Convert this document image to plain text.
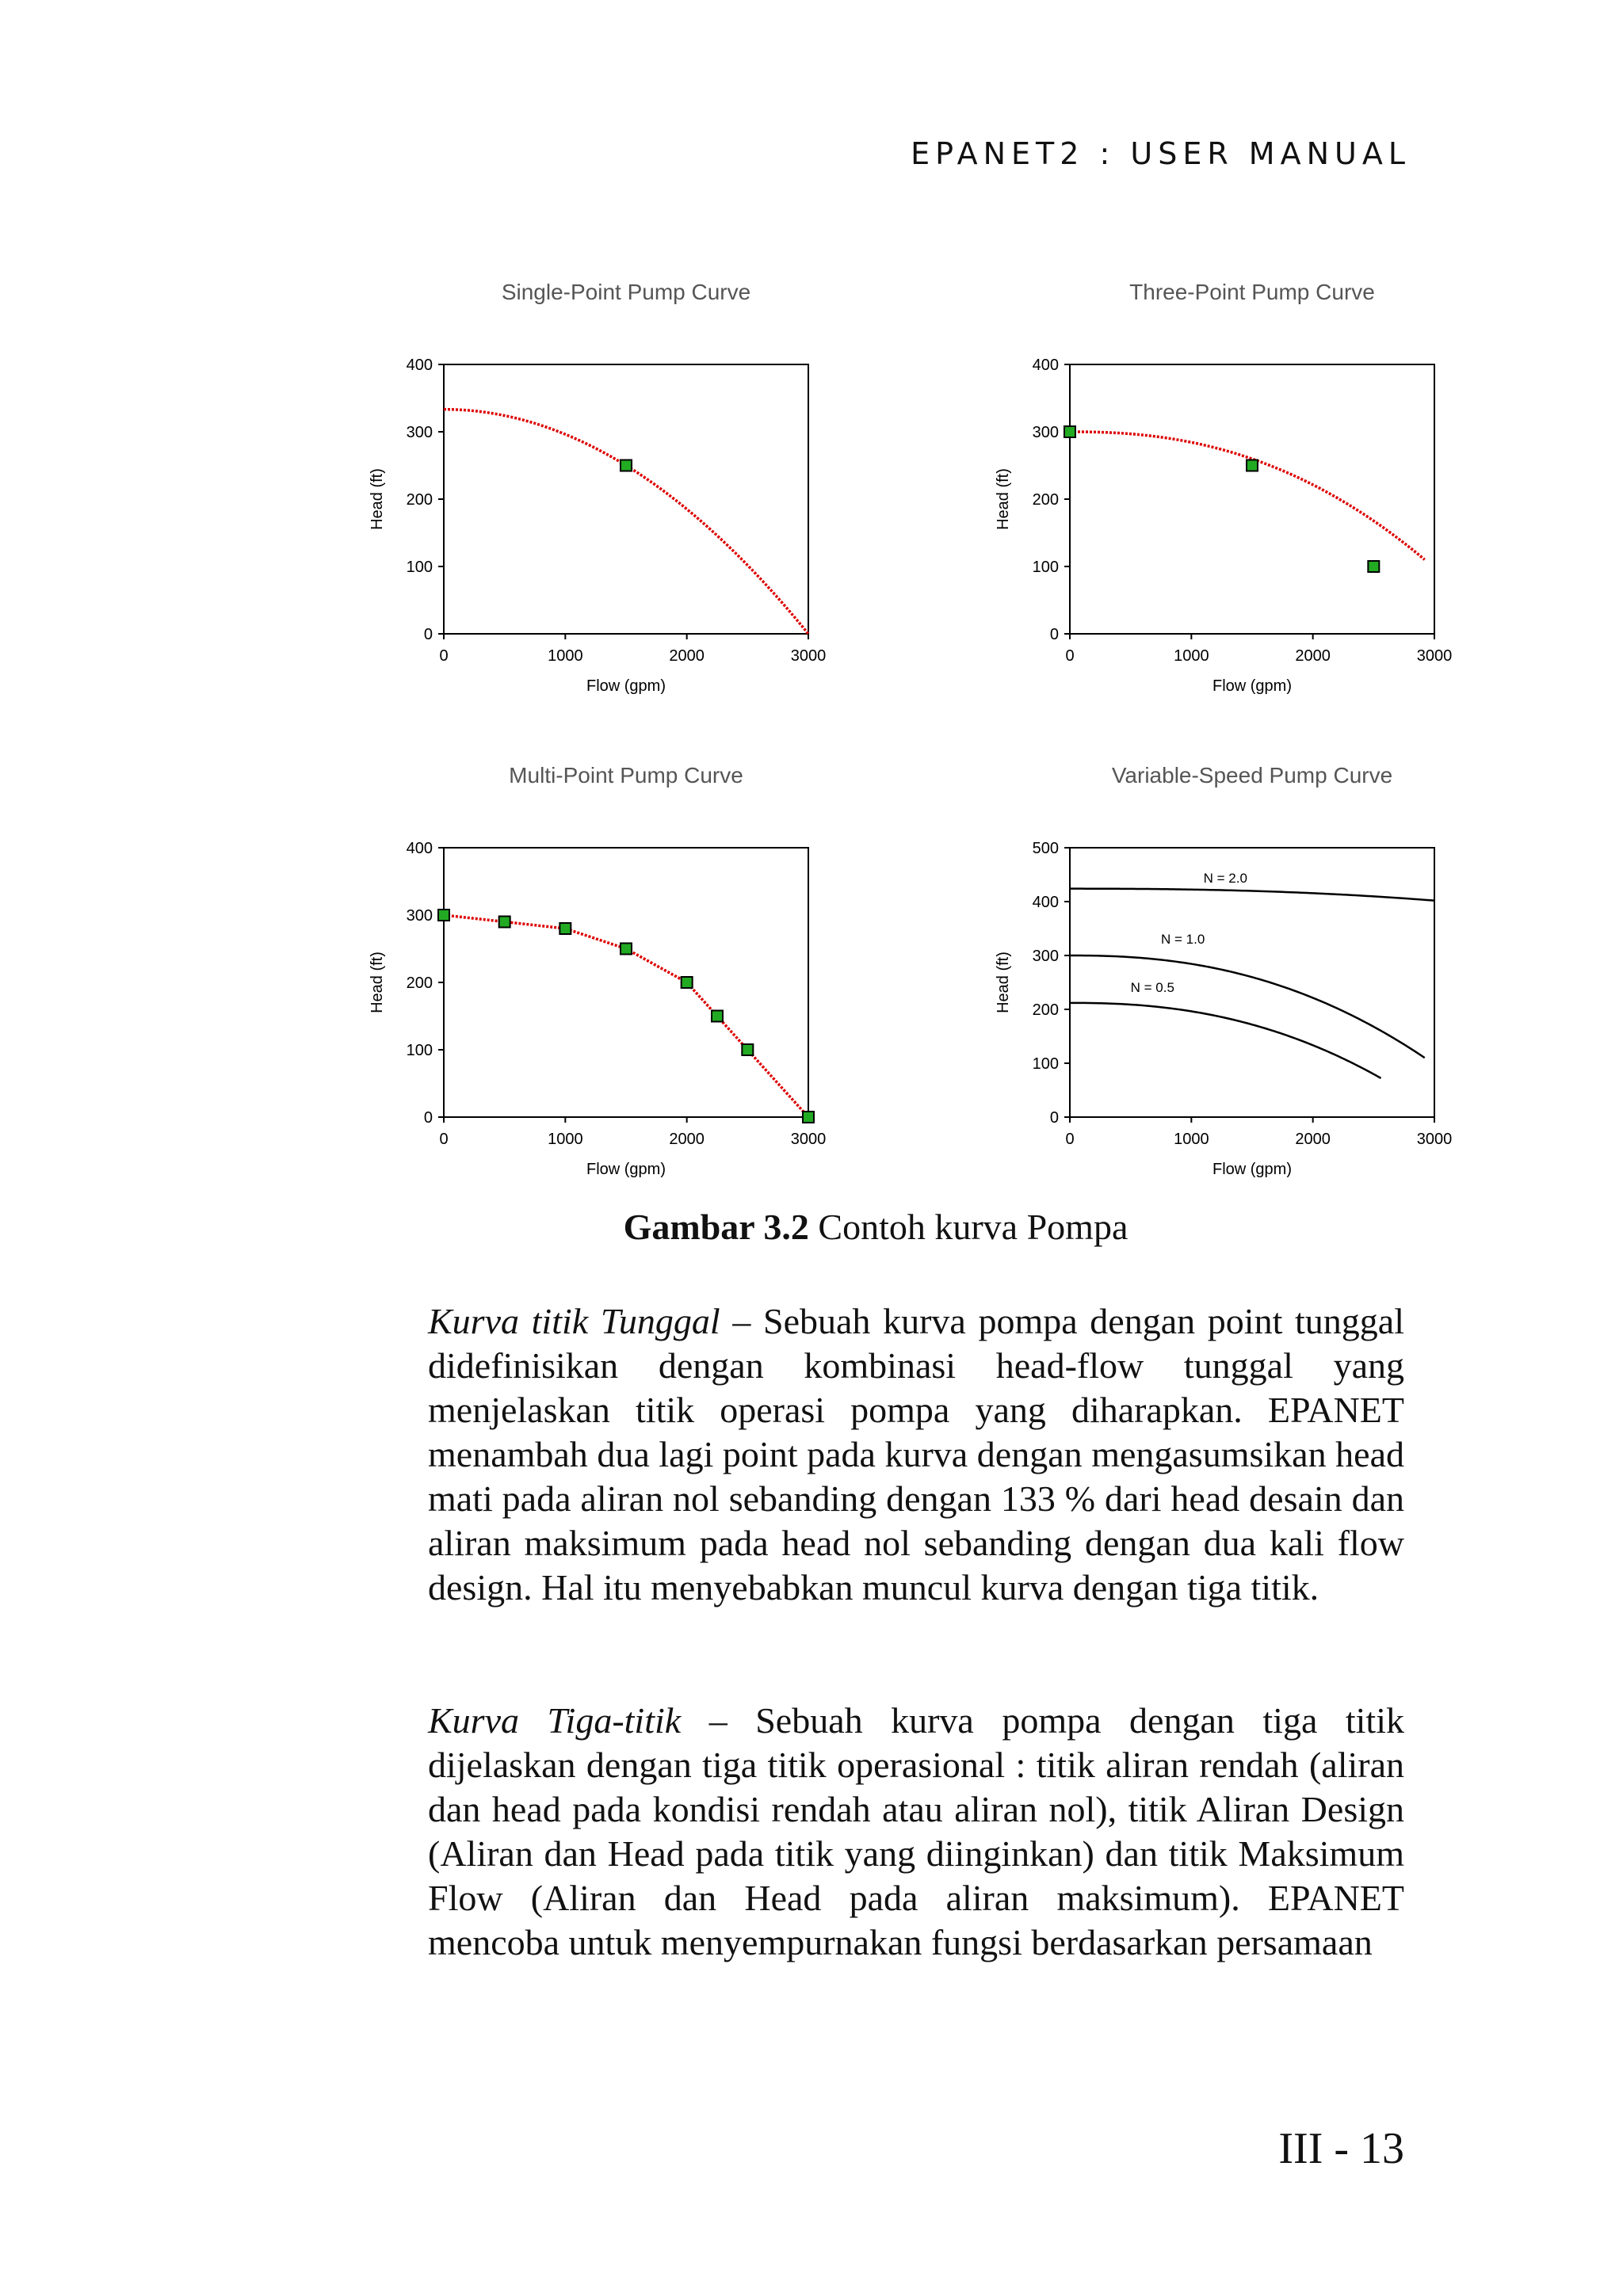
EPANET2 : USER MANUAL
Single-Point Pump Curve
0	1000	2000	3000
0
100
200
300
400
Flow (gpm)
Head (ft)
Three-Point Pump Curve
0	1000	2000	3000
0
100
200
300
400
Flow (gpm)
Head (ft)
Multi-Point Pump Curve
0	1000	2000	3000
0
100
200
300
400
Flow (gpm)
Head (ft)
Variable-Speed Pump Curve
0	1000	2000	3000
0
100
200
300
400
500
Flow (gpm)
Head (ft)
N = 2.0
N = 1.0
N = 0.5
Gambar 3.2 Contoh kurva Pompa

Kurva titik Tunggal – Sebuah kurva pompa dengan point tunggal didefinisikan dengan kombinasi head-flow tunggal yang menjelaskan titik operasi pompa yang diharapkan. EPANET menambah dua lagi point pada kurva dengan mengasumsikan head mati pada aliran nol sebanding dengan 133 % dari head desain dan aliran maksimum pada head nol sebanding dengan dua kali flow design. Hal itu menyebabkan muncul kurva dengan tiga titik.

Kurva Tiga-titik – Sebuah kurva pompa dengan tiga titik dijelaskan dengan tiga titik operasional : titik aliran rendah (aliran dan head pada kondisi rendah atau aliran nol), titik Aliran Design (Aliran dan Head pada titik yang diinginkan) dan titik Maksimum Flow (Aliran dan Head pada aliran maksimum). EPANET mencoba untuk menyempurnakan fungsi berdasarkan persamaan

III - 13
